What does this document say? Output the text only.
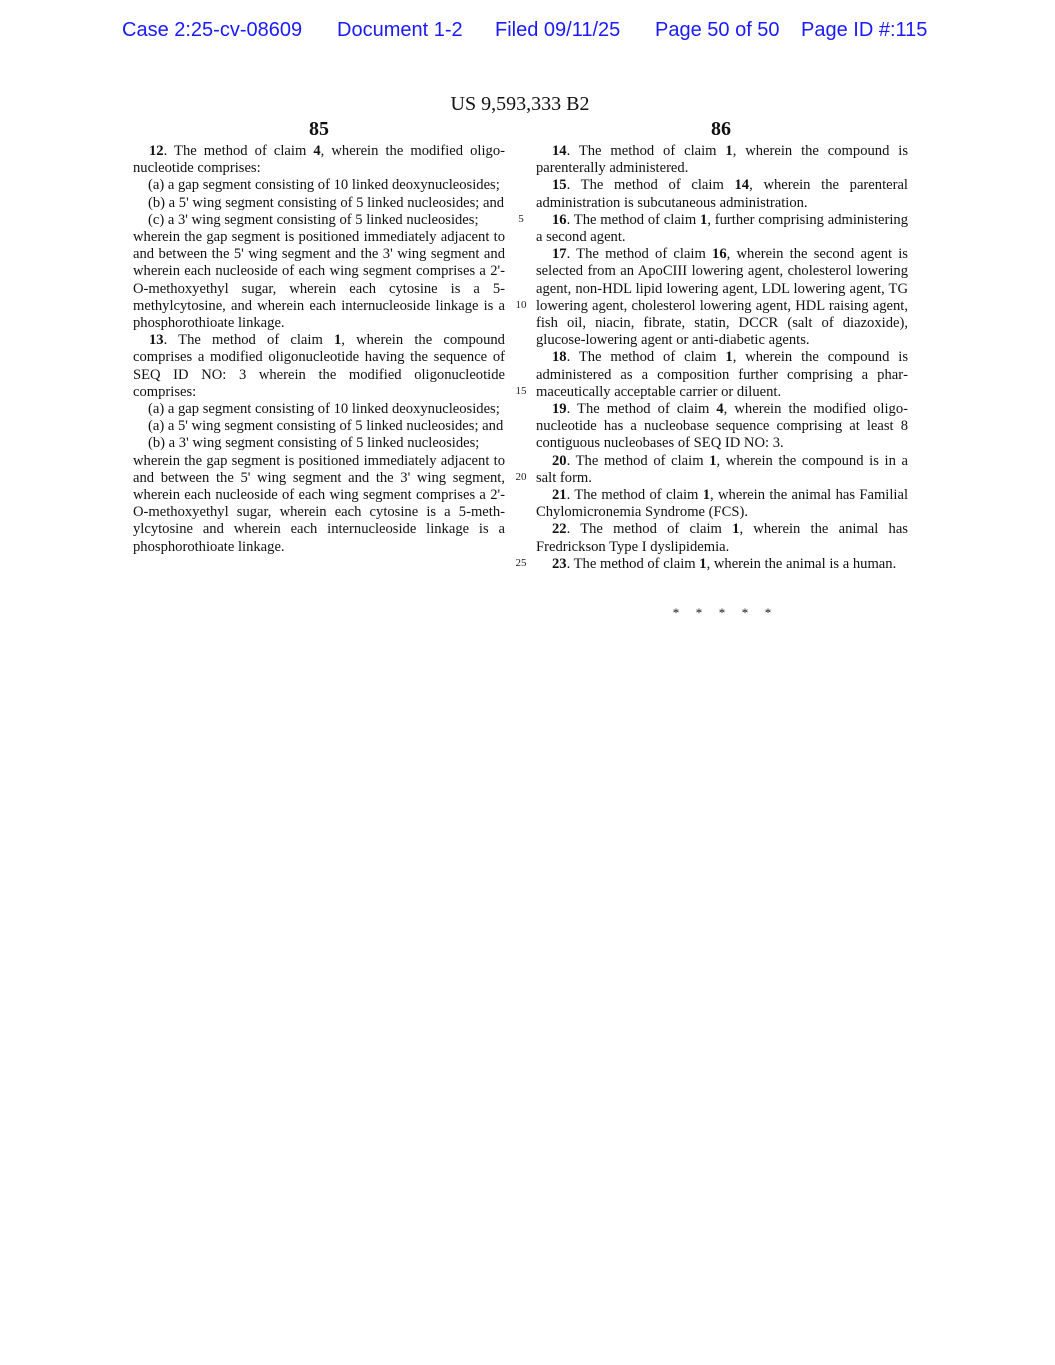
Case 2:25-cv-08609 Document 1-2 Filed 09/11/25 Page 50 of 50 Page ID #:115
US 9,593,333 B2
85	86

12. The method of claim 4, wherein the modified oligonucleotide comprises:

(a) a gap segment consisting of 10 linked deoxynucleosides;

(b) a 5' wing segment consisting of 5 linked nucleosides; and

(c) a 3' wing segment consisting of 5 linked nucleosides;

wherein the gap segment is positioned immediately adjacent to and between the 5' wing segment and the 3' wing segment and wherein each nucleoside of each wing segment comprises a 2'-O-methoxyethyl sugar, wherein each cytosine is a 5-methylcytosine, and wherein each internucleoside linkage is a phosphorothioate linkage.

13. The method of claim 1, wherein the compound comprises a modified oligonucleotide having the sequence of SEQ ID NO: 3 wherein the modified oligonucleotide comprises:

(a) a gap segment consisting of 10 linked deoxynucleosides;

(a) a 5' wing segment consisting of 5 linked nucleosides; and

(b) a 3' wing segment consisting of 5 linked nucleosides;

wherein the gap segment is positioned immediately adjacent to and between the 5' wing segment and the 3' wing segment, wherein each nucleoside of each wing segment comprises a 2'-O-methoxyethyl sugar, wherein each cytosine is a 5-methylcytosine and wherein each internucleoside linkage is a phosphorothioate linkage.

5
10
15
20
25

14. The method of claim 1, wherein the compound is parenterally administered.

15. The method of claim 14, wherein the parenteral administration is subcutaneous administration.

16. The method of claim 1, further comprising administering a second agent.

17. The method of claim 16, wherein the second agent is selected from an ApoCIII lowering agent, cholesterol lowering agent, non-HDL lipid lowering agent, LDL lowering agent, TG lowering agent, cholesterol lowering agent, HDL raising agent, fish oil, niacin, fibrate, statin, DCCR (salt of diazoxide), glucose-lowering agent or anti-diabetic agents.

18. The method of claim 1, wherein the compound is administered as a composition further comprising a pharmaceutically acceptable carrier or diluent.

19. The method of claim 4, wherein the modified oligonucleotide has a nucleobase sequence comprising at least 8 contiguous nucleobases of SEQ ID NO: 3.

20. The method of claim 1, wherein the compound is in a salt form.

21. The method of claim 1, wherein the animal has Familial Chylomicronemia Syndrome (FCS).

22. The method of claim 1, wherein the animal has Fredrickson Type I dyslipidemia.

23. The method of claim 1, wherein the animal is a human.

* * * * *
